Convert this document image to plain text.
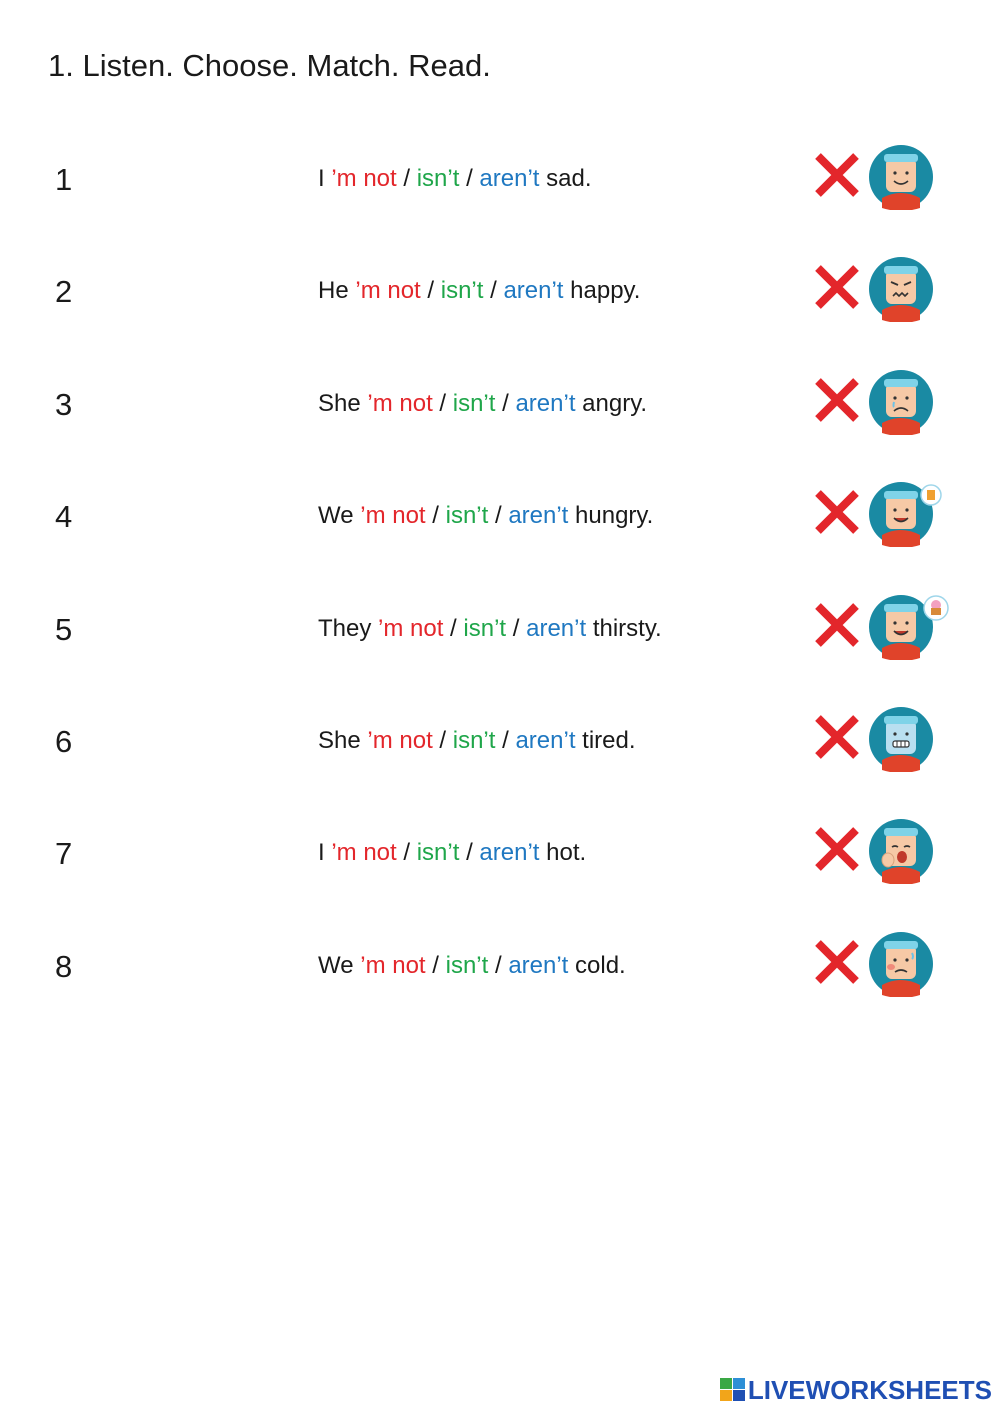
1. Listen. Choose. Match. Read.
1	I ’m not / isn’t / aren’t sad.
2	He ’m not / isn’t / aren’t happy.
3	She ’m not / isn’t / aren’t angry.
4	We ’m not / isn’t / aren’t hungry.
5	They ’m not / isn’t / aren’t thirsty.
6	She ’m not / isn’t / aren’t tired.
7	I ’m not / isn’t / aren’t hot.
8	We ’m not / isn’t / aren’t cold.
LIVEWORKSHEETS
